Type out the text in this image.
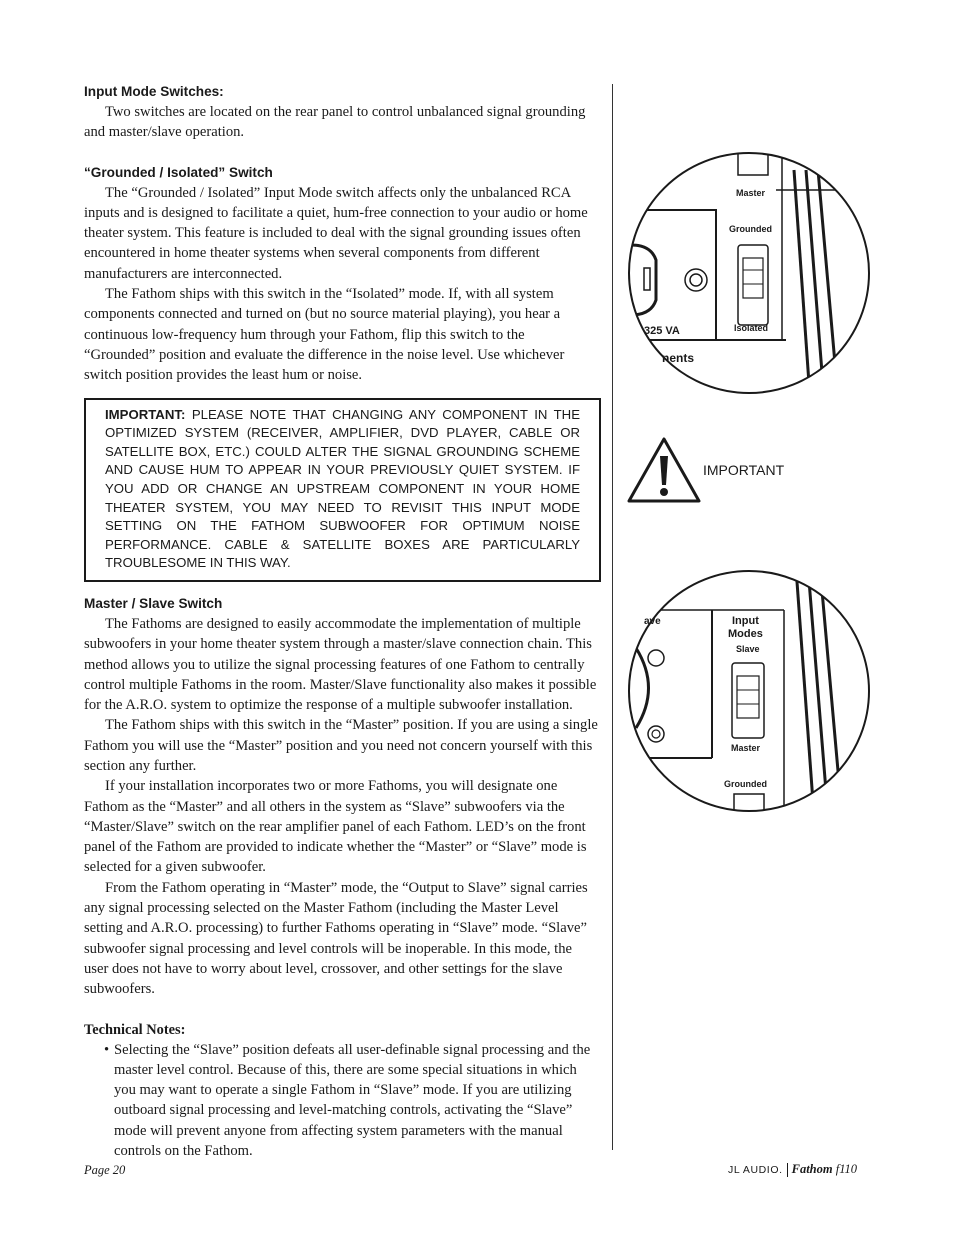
Input Mode Switches:

Two switches are located on the rear panel to control unbalanced signal grounding and master/slave operation.

“Grounded / Isolated” Switch

The “Grounded / Isolated” Input Mode switch affects only the unbalanced RCA inputs and is designed to facilitate a quiet, hum-free connection to your audio or home theater system. This feature is included to deal with the signal grounding issues often encountered in home theater systems when several components from different manufacturers are interconnected.

The Fathom ships with this switch in the “Isolated” mode. If, with all system components connected and turned on (but no source material playing), you hear a continuous low-frequency hum through your Fathom, flip this switch to the “Grounded” position and evaluate the difference in the noise level. Use whichever switch position provides the least hum or noise.

IMPORTANT: PLEASE NOTE THAT CHANGING ANY COMPONENT IN THE OPTIMIZED SYSTEM (RECEIVER, AMPLIFIER, DVD PLAYER, CABLE OR SATELLITE BOX, ETC.) COULD ALTER THE SIGNAL GROUNDING SCHEME AND CAUSE HUM TO APPEAR IN YOUR PREVIOUSLY QUIET SYSTEM. IF YOU ADD OR CHANGE AN UPSTREAM COMPONENT IN YOUR HOME THEATER SYSTEM, YOU MAY NEED TO REVISIT THIS INPUT MODE SETTING ON THE FATHOM SUBWOOFER FOR OPTIMUM NOISE PERFORMANCE. CABLE & SATELLITE BOXES ARE PARTICULARLY TROUBLESOME IN THIS WAY.
Master / Slave Switch

The Fathoms are designed to easily accommodate the implementation of multiple subwoofers in your home theater system through a master/slave connection chain. This method allows you to utilize the signal processing features of one Fathom to centrally control multiple Fathoms in the room. Master/Slave functionality also makes it possible for the A.R.O. system to optimize the response of a multiple subwoofer installation.

The Fathom ships with this switch in the “Master” position. If you are using a single Fathom you will use the “Master” position and you need not concern yourself with this section any further.

If your installation incorporates two or more Fathoms, you will designate one Fathom as the “Master” and all others in the system as “Slave” subwoofers via the “Master/Slave” switch on the rear amplifier panel of each Fathom. LED’s on the front panel of the Fathom are provided to indicate whether the “Master” or “Slave” mode is selected for a given subwoofer.

From the Fathom operating in “Master” mode, the “Output to Slave” signal carries any signal processing selected on the Master Fathom (including the Master Level setting and A.R.O. processing) to further Fathoms operating in “Slave” mode. “Slave” subwoofer signal processing and level controls will be inoperable. In this mode, the user does not have to worry about level, crossover, and other settings for the slave subwoofers.

Technical Notes:
• Selecting the “Slave” position defeats all user-definable signal processing and the master level control. Because of this, there are some special situations in which you may want to operate a single Fathom in “Slave” mode. If you are utilizing outboard signal processing and level-matching controls, activating the “Slave” mode will prevent anyone from affecting system parameters with the manual controls on the Fathom.
Master
Grounded
Isolated
325 VA
nents
IMPORTANT
ave	Input
Modes
Slave
Master
Grounded
Page 20	JL AUDIO. Fathom f110
